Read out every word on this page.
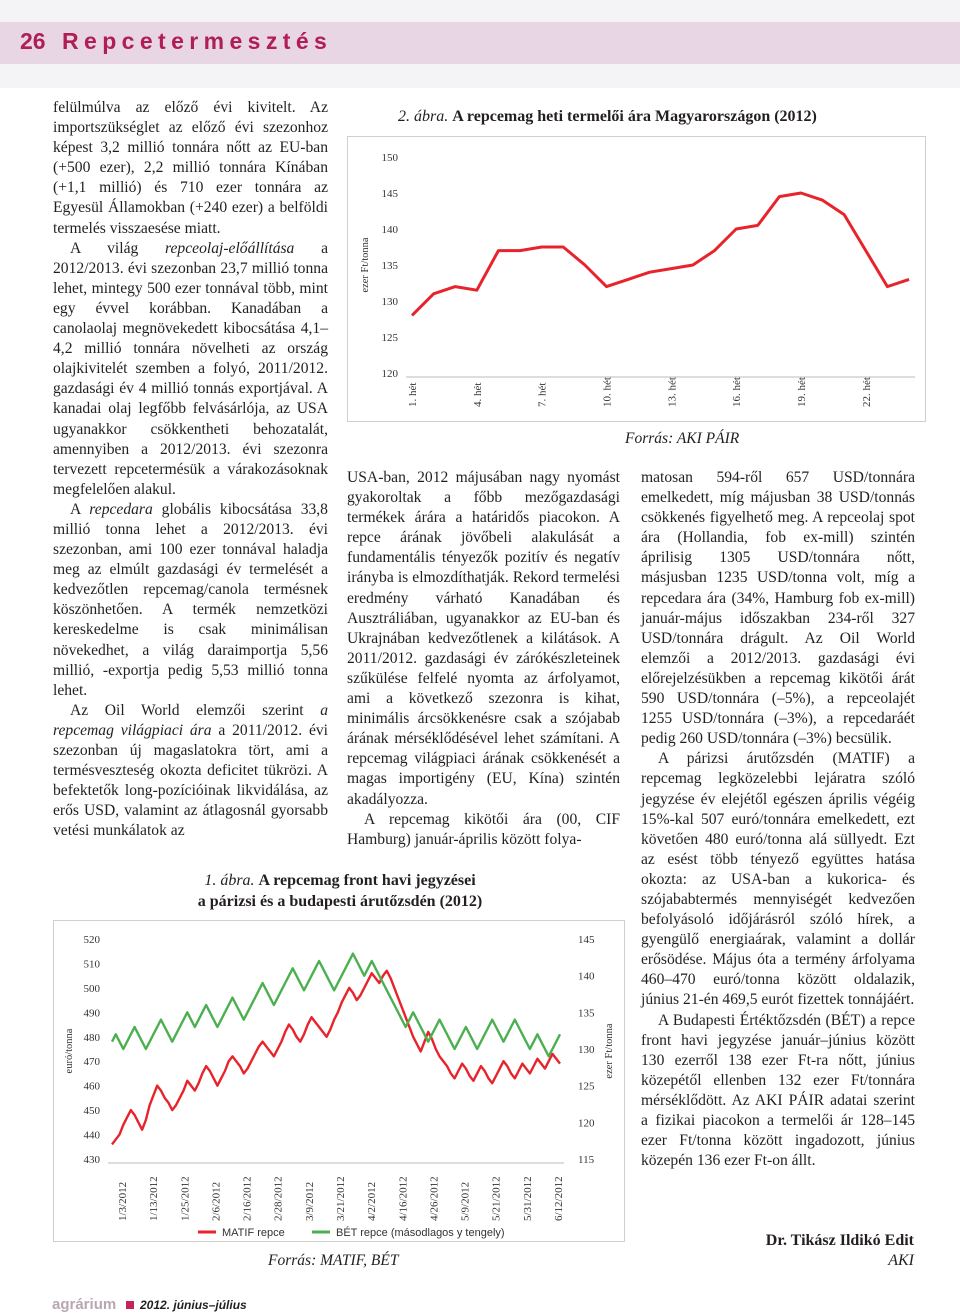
26 Repcetermesztés

felülmúlva az előző évi kivitelt. Az importszükséglet az előző évi szezonhoz képest 3,2 millió tonnára nőtt az EU-ban (+500 ezer), 2,2 millió tonnára Kínában (+1,1 millió) és 710 ezer tonnára az Egyesül Államokban (+240 ezer) a belföldi termelés visszaesése miatt.

A világ repceolaj-előállítása a 2012/2013. évi szezonban 23,7 millió tonna lehet, mintegy 500 ezer tonnával több, mint egy évvel korábban. Kanadában a canolaolaj megnövekedett kibocsátása 4,1–4,2 millió tonnára növelheti az ország olajkivitelét szemben a folyó, 2011/2012. gazdasági év 4 millió tonnás exportjával. A kanadai olaj legfőbb felvásárlója, az USA ugyanakkor csökkentheti behozatalát, amennyiben a 2012/2013. évi szezonra tervezett repcetermésük a várakozásoknak megfelelően alakul.

A repcedara globális kibocsátása 33,8 millió tonna lehet a 2012/2013. évi szezonban, ami 100 ezer tonnával haladja meg az elmúlt gazdasági év termelését a kedvezőtlen repcemag/canola termésnek köszönhetően. A termék nemzetközi kereskedelme is csak minimálisan növekedhet, a világ daraimportja 5,56 millió, -exportja pedig 5,53 millió tonna lehet.

Az Oil World elemzői szerint a repcemag világpiaci ára a 2011/2012. évi szezonban új magaslatokra tört, ami a termésveszteség okozta deficitet tükrözi. A befektetők long-pozícióinak likvidálása, az erős USD, valamint az átlagosnál gyorsabb vetési munkálatok az

2. ábra. A repcemag heti termelői ára Magyarországon (2012)
120
125
130
135
140
145
150
1. hét	4. hét	7. hét	10. hét	13. hét	16. hét	19. hét	22. hét
ezer Ft/tonna
Forrás: AKI PÁIR

USA-ban, 2012 májusában nagy nyomást gyakoroltak a főbb mezőgazdasági termékek árára a határidős piacokon. A repce árának jövőbeli alakulását a fundamentális tényezők pozitív és negatív irányba is elmozdíthatják. Rekord termelési eredmény várható Kanadában és Ausztráliában, ugyanakkor az EU-ban és Ukrajnában kedvezőtlenek a kilátások. A 2011/2012. gazdasági év zárókészleteinek szűkülése felfelé nyomta az árfolyamot, ami a következő szezonra is kihat, minimális árcsökkenésre csak a szójabab árának mérséklődésével lehet számítani. A repcemag világpiaci árának csökkenését a magas importigény (EU, Kína) szintén akadályozza.

A repcemag kikötői ára (00, CIF Hamburg) január-április között folya-

matosan 594-ről 657 USD/tonnára emelkedett, míg májusban 38 USD/tonnás csökkenés figyelhető meg. A repceolaj spot ára (Hollandia, fob ex-mill) szintén áprilisig 1305 USD/tonnára nőtt, másjusban 1235 USD/tonna volt, míg a repcedara ára (34%, Hamburg fob ex-mill) január-május időszakban 234-ről 327 USD/tonnára drágult. Az Oil World elemzői a 2012/2013. gazdasági évi előrejelzésükben a repcemag kikötői árát 590 USD/tonnára (–5%), a repceolajét 1255 USD/tonnára (–3%), a repcedaráét pedig 260 USD/tonnára (–3%) becsülik.

A párizsi árutőzsdén (MATIF) a repcemag legközelebbi lejáratra szóló jegyzése év elejétől egészen április végéig 15%-kal 507 euró/tonnára emelkedett, ezt követően 480 euró/tonna alá süllyedt. Ezt az esést több tényező együttes hatása okozta: az USA-ban a kukorica- és szójababtermés mennyiségét kedvezően befolyásoló időjárásról szóló hírek, a gyengülő energiaárak, valamint a dollár erősödése. Május óta a termény árfolyama 460–470 euró/tonna között oldalazik, június 21-én 469,5 eurót fizettek tonnájáért.

A Budapesti Értéktőzsdén (BÉT) a repce front havi jegyzése január–június között 130 ezerről 138 ezer Ft-ra nőtt, június közepétől ellenben 132 ezer Ft/tonnára mérséklődött. Az AKI PÁIR adatai szerint a fizikai piacokon a termelői ár 128–145 ezer Ft/tonna között ingadozott, június közepén 136 ezer Ft-on állt.

1. ábra. A repcemag front havi jegyzései
a párizsi és a budapesti árutőzsdén (2012)
430
440
450
460
470
480
490
500
510
520
115
120
125
130
135
140
145
euró/tonna	ezer Ft/tonna
1/3/2012 1/13/2012 1/25/2012 2/6/2012 2/16/2012 2/28/2012 3/9/2012 3/21/2012 4/2/2012 4/16/2012 4/26/2012 5/9/2012 5/21/2012 5/31/2012 6/12/2012
MATIF repce	BÉT repce (másodlagos y tengely)
Forrás: MATIF, BÉT
Dr. Tikász Ildikó Edit
AKI
agrárium 2012. június–július
